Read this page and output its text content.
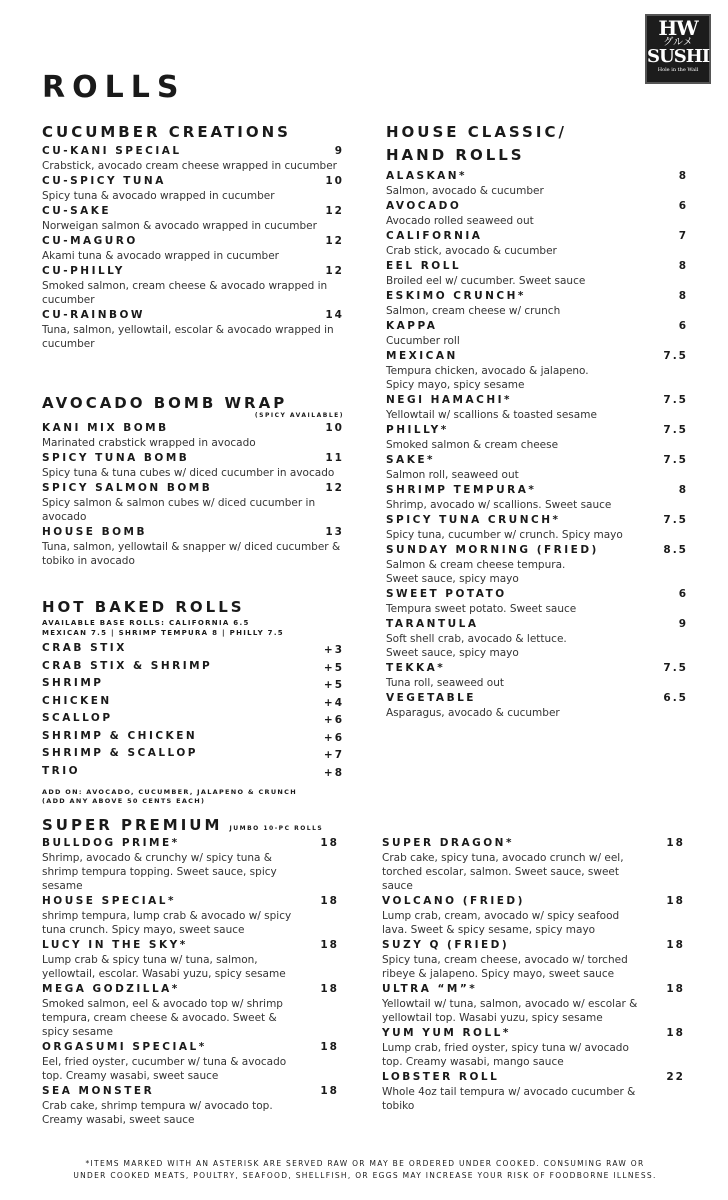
HW
グルメ
SUSHI
Hole in the Wall
ROLLS
CUCUMBER CREATIONS
CU-KANI SPECIAL	9
Crabstick, avocado cream cheese wrapped in cucumber
CU-SPICY TUNA	10
Spicy tuna & avocado wrapped in cucumber
CU-SAKE	12
Norweigan salmon & avocado wrapped in cucumber
CU-MAGURO	12
Akami tuna & avocado wrapped in cucumber
CU-PHILLY	12
Smoked salmon, cream cheese & avocado wrapped in cucumber
CU-RAINBOW	14
Tuna, salmon, yellowtail, escolar & avocado wrapped in cucumber
AVOCADO BOMB WRAP
(SPICY AVAILABLE)
KANI MIX BOMB	10
Marinated crabstick wrapped in avocado
SPICY TUNA BOMB	11
Spicy tuna & tuna cubes w/ diced cucumber in avocado
SPICY SALMON BOMB	12
Spicy salmon & salmon cubes w/ diced cucumber in avocado
HOUSE BOMB	13
Tuna, salmon, yellowtail & snapper w/ diced cucumber & tobiko in avocado
HOT BAKED ROLLS
AVAILABLE BASE ROLLS: CALIFORNIA 6.5
MEXICAN 7.5 | SHRIMP TEMPURA 8 | PHILLY 7.5
CRAB STIX	+3
CRAB STIX & SHRIMP	+5
SHRIMP	+5
CHICKEN	+4
SCALLOP	+6
SHRIMP & CHICKEN	+6
SHRIMP & SCALLOP	+7
TRIO	+8
ADD ON: AVOCADO, CUCUMBER, JALAPENO & CRUNCH
(ADD ANY ABOVE 50 CENTS EACH)
HOUSE CLASSIC/
HAND ROLLS
ALASKAN*	8
Salmon, avocado & cucumber
AVOCADO	6
Avocado rolled seaweed out
CALIFORNIA	7
Crab stick, avocado & cucumber
EEL ROLL	8
Broiled eel w/ cucumber. Sweet sauce
ESKIMO CRUNCH*	8
Salmon, cream cheese w/ crunch
KAPPA	6
Cucumber roll
MEXICAN	7.5
Tempura chicken, avocado & jalapeno. Spicy mayo, spicy sesame
NEGI HAMACHI*	7.5
Yellowtail w/ scallions & toasted sesame
PHILLY*	7.5
Smoked salmon & cream cheese
SAKE*	7.5
Salmon roll, seaweed out
SHRIMP TEMPURA*	8
Shrimp, avocado w/ scallions. Sweet sauce
SPICY TUNA CRUNCH*	7.5
Spicy tuna, cucumber w/ crunch. Spicy mayo
SUNDAY MORNING (FRIED)	8.5
Salmon & cream cheese tempura. Sweet sauce, spicy mayo
SWEET POTATO	6
Tempura sweet potato. Sweet sauce
TARANTULA	9
Soft shell crab, avocado & lettuce. Sweet sauce, spicy mayo
TEKKA*	7.5
Tuna roll, seaweed out
VEGETABLE	6.5
Asparagus, avocado & cucumber
SUPER PREMIUM JUMBO 10-PC ROLLS
BULLDOG PRIME*	18
Shrimp, avocado & crunchy w/ spicy tuna & shrimp tempura topping. Sweet sauce, spicy sesame
HOUSE SPECIAL*	18
shrimp tempura, lump crab & avocado w/ spicy tuna crunch. Spicy mayo, sweet sauce
LUCY IN THE SKY*	18
Lump crab & spicy tuna w/ tuna, salmon, yellowtail, escolar. Wasabi yuzu, spicy sesame
MEGA GODZILLA*	18
Smoked salmon, eel & avocado top w/ shrimp tempura, cream cheese & avocado. Sweet & spicy sesame
ORGASUMI SPECIAL*	18
Eel, fried oyster, cucumber w/ tuna & avocado top. Creamy wasabi, sweet sauce
SEA MONSTER	18
Crab cake, shrimp tempura w/ avocado top. Creamy wasabi, sweet sauce
SUPER DRAGON*	18
Crab cake, spicy tuna, avocado crunch w/ eel, torched escolar, salmon. Sweet sauce, sweet sauce
VOLCANO (FRIED)	18
Lump crab, cream, avocado w/ spicy seafood lava. Sweet & spicy sesame, spicy mayo
SUZY Q (FRIED)	18
Spicy tuna, cream cheese, avocado w/ torched ribeye & jalapeno. Spicy mayo, sweet sauce
ULTRA “M”*	18
Yellowtail w/ tuna, salmon, avocado w/ escolar & yellowtail top. Wasabi yuzu, spicy sesame
YUM YUM ROLL*	18
Lump crab, fried oyster, spicy tuna w/ avocado top. Creamy wasabi, mango sauce
LOBSTER ROLL	22
Whole 4oz tail tempura w/ avocado cucumber & tobiko
*ITEMS MARKED WITH AN ASTERISK ARE SERVED RAW OR MAY BE ORDERED UNDER COOKED. CONSUMING RAW OR
UNDER COOKED MEATS, POULTRY, SEAFOOD, SHELLFISH, OR EGGS MAY INCREASE YOUR RISK OF FOODBORNE ILLNESS.
